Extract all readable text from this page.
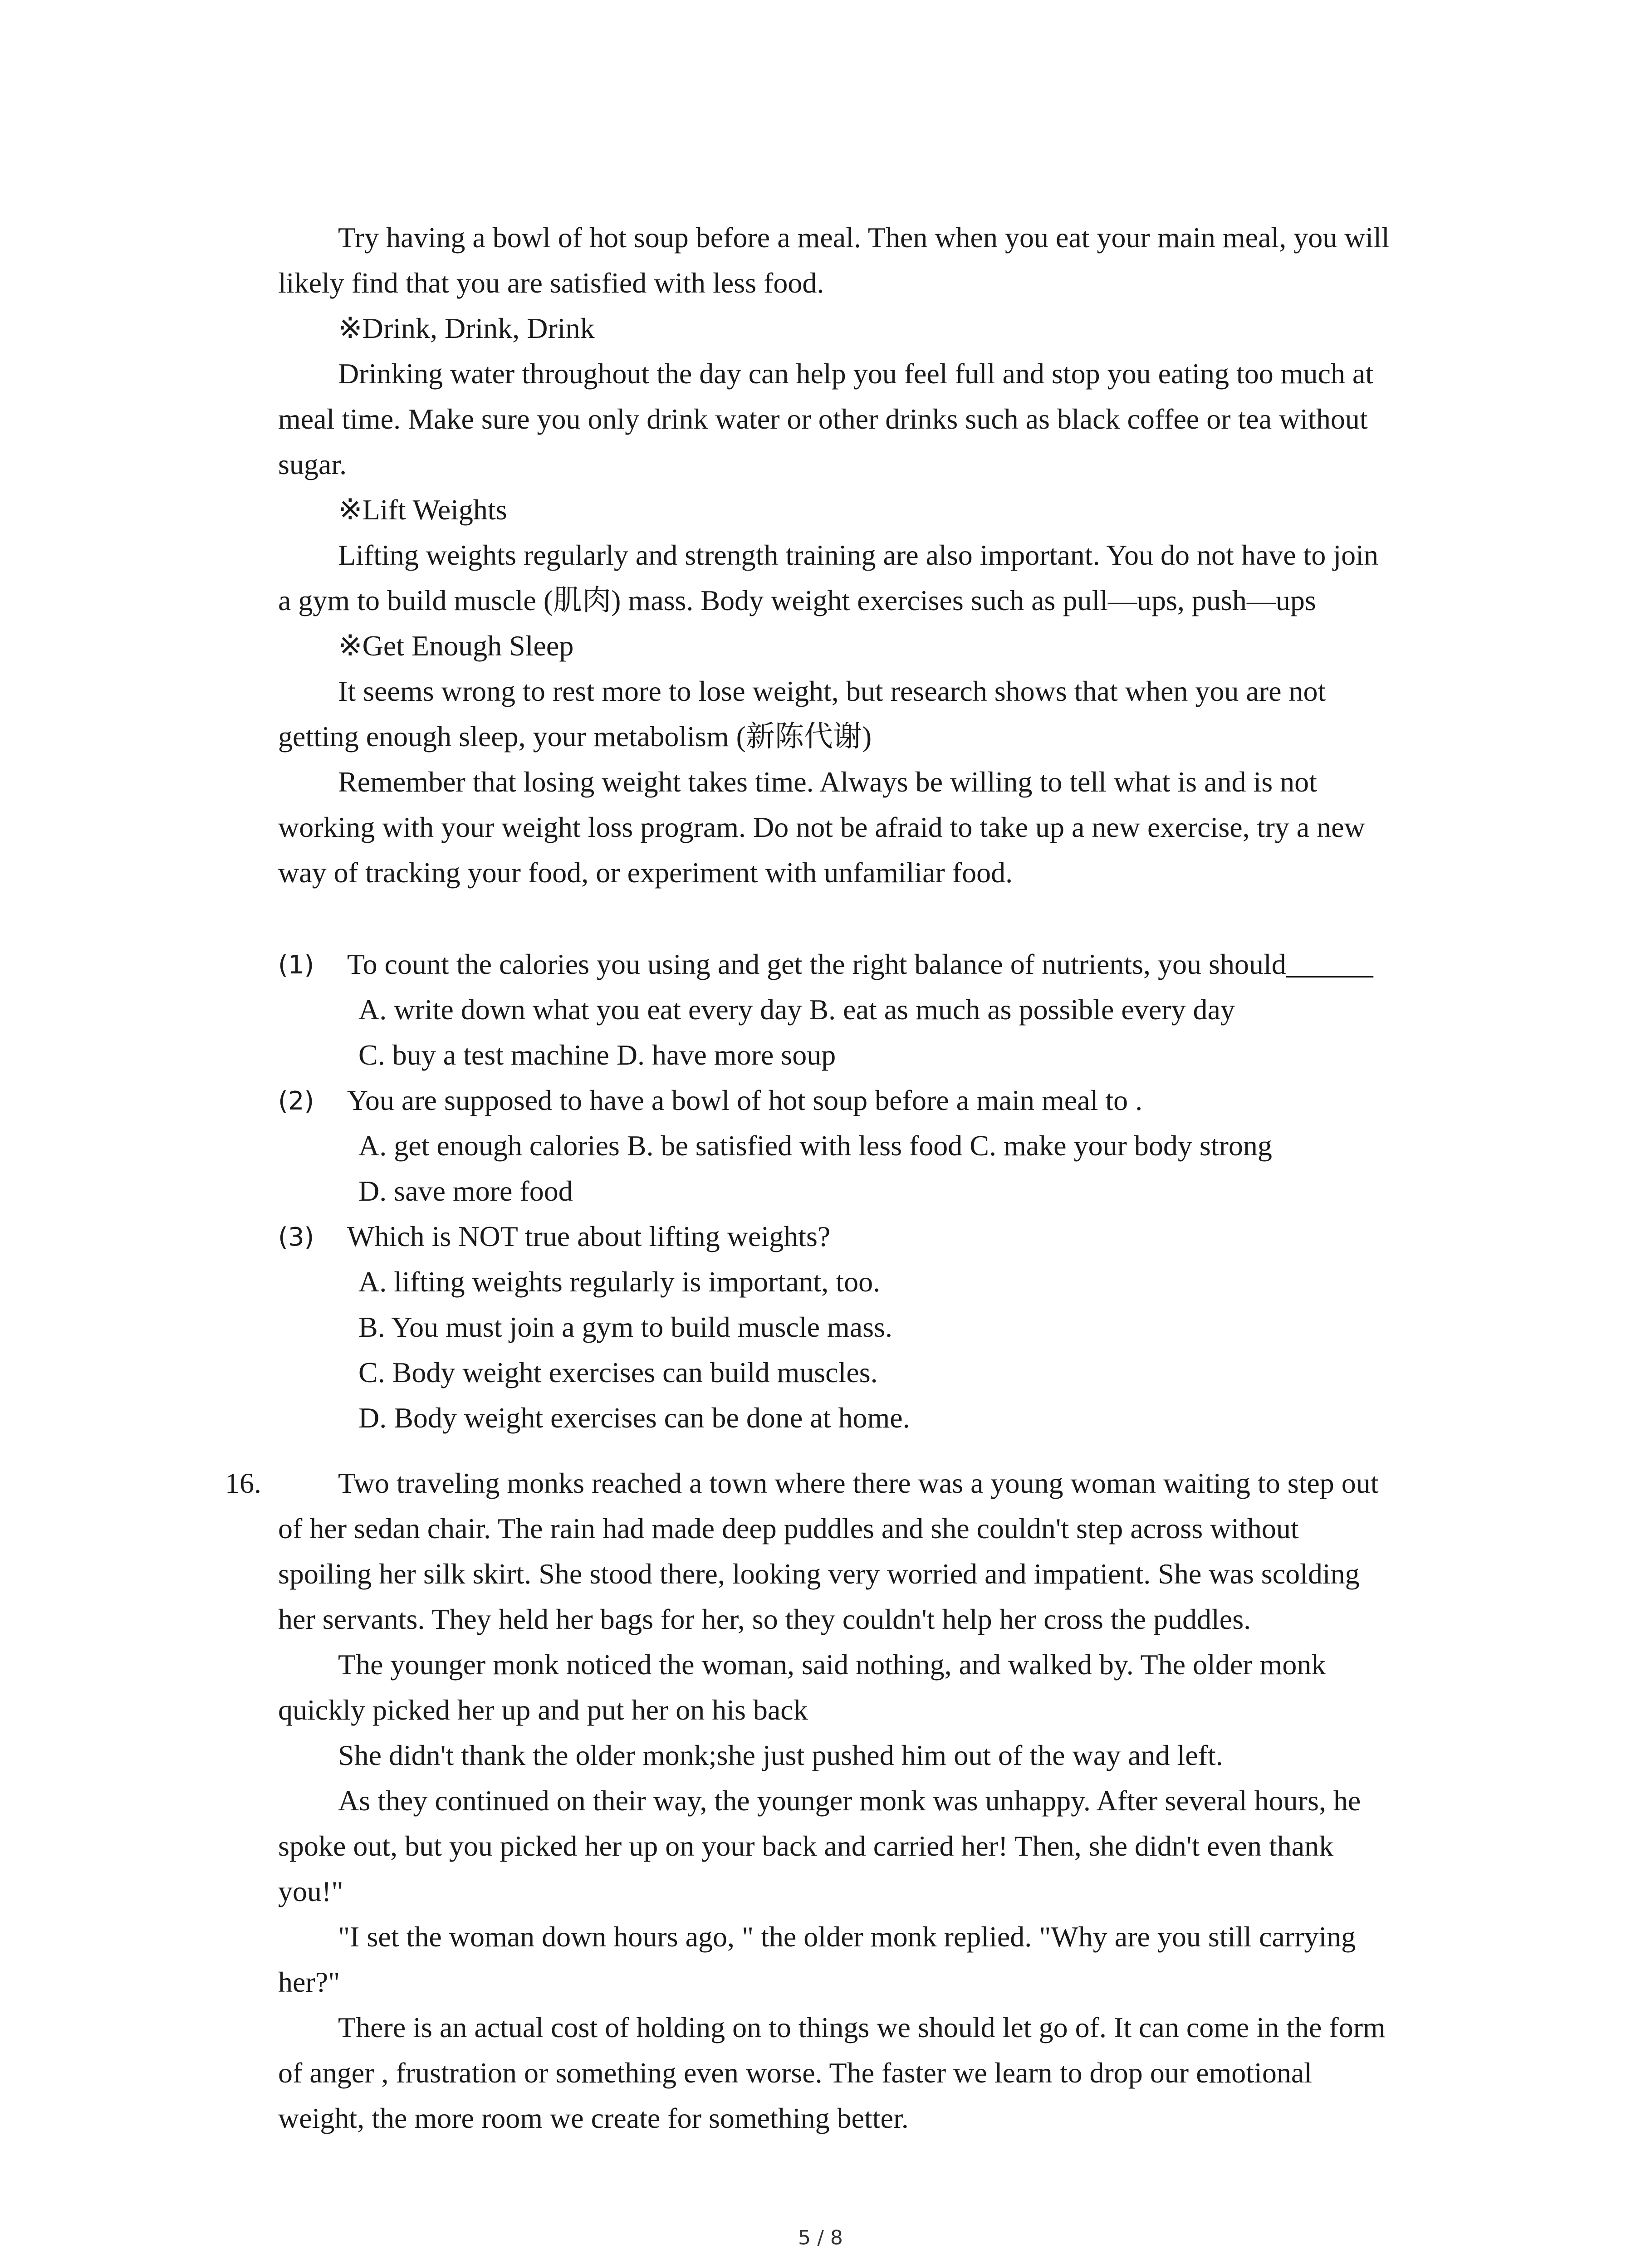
Try having a bowl of hot soup before a meal. Then when you eat your main meal, you will
likely find that you are satisfied with less food.
※Drink, Drink, Drink
Drinking water throughout the day can help you feel full and stop you eating too much at
meal time. Make sure you only drink water or other drinks such as black coffee or tea without
sugar.
※Lift Weights
Lifting weights regularly and strength training are also important. You do not have to join
a gym to build muscle (肌肉) mass. Body weight exercises such as pull—ups, push—ups
※Get Enough Sleep
It seems wrong to rest more to lose weight, but research shows that when you are not
getting enough sleep, your metabolism (新陈代谢)
Remember that losing weight takes time. Always be willing to tell what is and is not
working with your weight loss program. Do not be afraid to take up a new exercise, try a new
way of tracking your food, or experiment with unfamiliar food.
(1) To count the calories you using and get the right balance of nutrients, you should______
A. write down what you eat every day B. eat as much as possible every day
C. buy a test machine D. have more soup
(2) You are supposed to have a bowl of hot soup before a main meal to .
A. get enough calories B. be satisfied with less food C. make your body strong
D. save more food
(3) Which is NOT true about lifting weights?
A. lifting weights regularly is important, too.
B. You must join a gym to build muscle mass.
C. Body weight exercises can build muscles.
D. Body weight exercises can be done at home.
16.	Two traveling monks reached a town where there was a young woman waiting to step out
of her sedan chair. The rain had made deep puddles and she couldn't step across without
spoiling her silk skirt. She stood there, looking very worried and impatient. She was scolding
her servants. They held her bags for her, so they couldn't help her cross the puddles.
The younger monk noticed the woman, said nothing, and walked by. The older monk
quickly picked her up and put her on his back
She didn't thank the older monk;she just pushed him out of the way and left.
As they continued on their way, the younger monk was unhappy. After several hours, he
spoke out, but you picked her up on your back and carried her! Then, she didn't even thank
you!"
"I set the woman down hours ago, " the older monk replied. "Why are you still carrying
her?"
There is an actual cost of holding on to things we should let go of. It can come in the form
of anger , frustration or something even worse. The faster we learn to drop our emotional
weight, the more room we create for something better.
5 / 8
